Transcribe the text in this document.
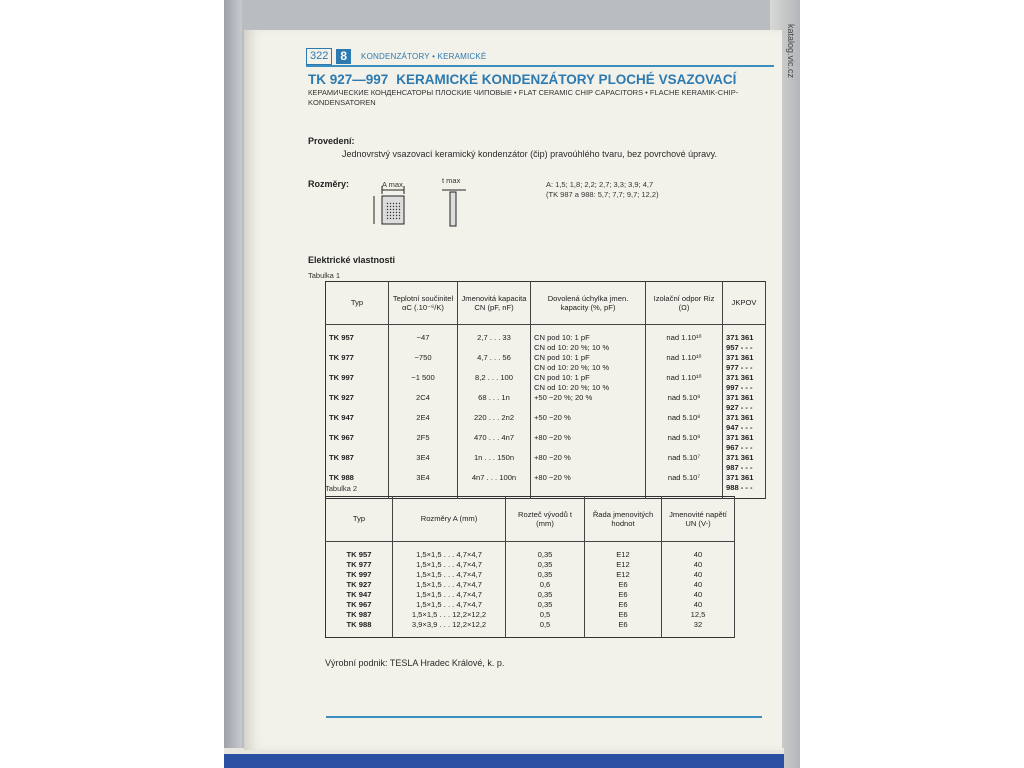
katalog.vic.cz
322	8	KONDENZÁTORY • KERAMICKÉ
TK 927—997 KERAMICKÉ KONDENZÁTORY PLOCHÉ VSAZOVACÍ
КЕРАМИЧЕСКИЕ КОНДЕНСАТОРЫ ПЛОСКИЕ ЧИПОВЫЕ • FLAT CERAMIC CHIP CAPACITORS • FLACHE KERAMIK-CHIP-KONDENSATOREN
Provedení:
Jednovrstvý vsazovací keramický kondenzátor (čip) pravoúhlého tvaru, bez povrchové úpravy.
Rozměry:	A max	t max	A: 1,5; 1,8; 2,2; 2,7; 3,3; 3,9; 4,7
(TK 987 a 988: 5,7; 7,7; 9,7; 12,2)
Elektrické vlastnosti
Tabulka 1
Typ	Teplotní součinitel αC (.10⁻⁶/K)	Jmenovitá kapacita CN (pF, nF)	Dovolená úchylka jmen. kapacity (%, pF)	Izolační odpor Riz (Ω)	JKPOV

TK 957	−47	2,7 . . . 33	CN pod 10: 1 pF
CN od 10: 20 %; 10 %	nad 1.10¹⁰	371 361 957 - - -
TK 977	−750	4,7 . . . 56	CN pod 10: 1 pF
CN od 10: 20 %; 10 %	nad 1.10¹⁰	371 361 977 - - -
TK 997	−1 500	8,2 . . . 100	CN pod 10: 1 pF
CN od 10: 20 %; 10 %	nad 1.10¹⁰	371 361 997 - - -
TK 927	2C4	68 . . . 1n	+50 −20 %; 20 %	nad 5.10⁸	371 361 927 - - -
TK 947	2E4	220 . . . 2n2	+50 −20 %	nad 5.10⁸	371 361 947 - - -
TK 967	2F5	470 . . . 4n7	+80 −20 %	nad 5.10⁸	371 361 967 - - -
TK 987	3E4	1n . . . 150n	+80 −20 %	nad 5.10⁷	371 361 987 - - -
TK 988	3E4	4n7 . . . 100n	+80 −20 %	nad 5.10⁷	371 361 988 - - -

Tabulka 2
Typ	Rozměry A (mm)	Rozteč vývodů t (mm)	Řada jmenovitých hodnot	Jmenovité napětí UN (V-)

TK 957	1,5×1,5 . . . 4,7×4,7	0,35	E12	40
TK 977	1,5×1,5 . . . 4,7×4,7	0,35	E12	40
TK 997	1,5×1,5 . . . 4,7×4,7	0,35	E12	40
TK 927	1,5×1,5 . . . 4,7×4,7	0,6	E6	40
TK 947	1,5×1,5 . . . 4,7×4,7	0,35	E6	40
TK 967	1,5×1,5 . . . 4,7×4,7	0,35	E6	40
TK 987	1,5×1,5 . . . 12,2×12,2	0,5	E6	12,5
TK 988	3,9×3,9 . . . 12,2×12,2	0,5	E6	32

Výrobní podnik: TESLA Hradec Králové, k. p.
